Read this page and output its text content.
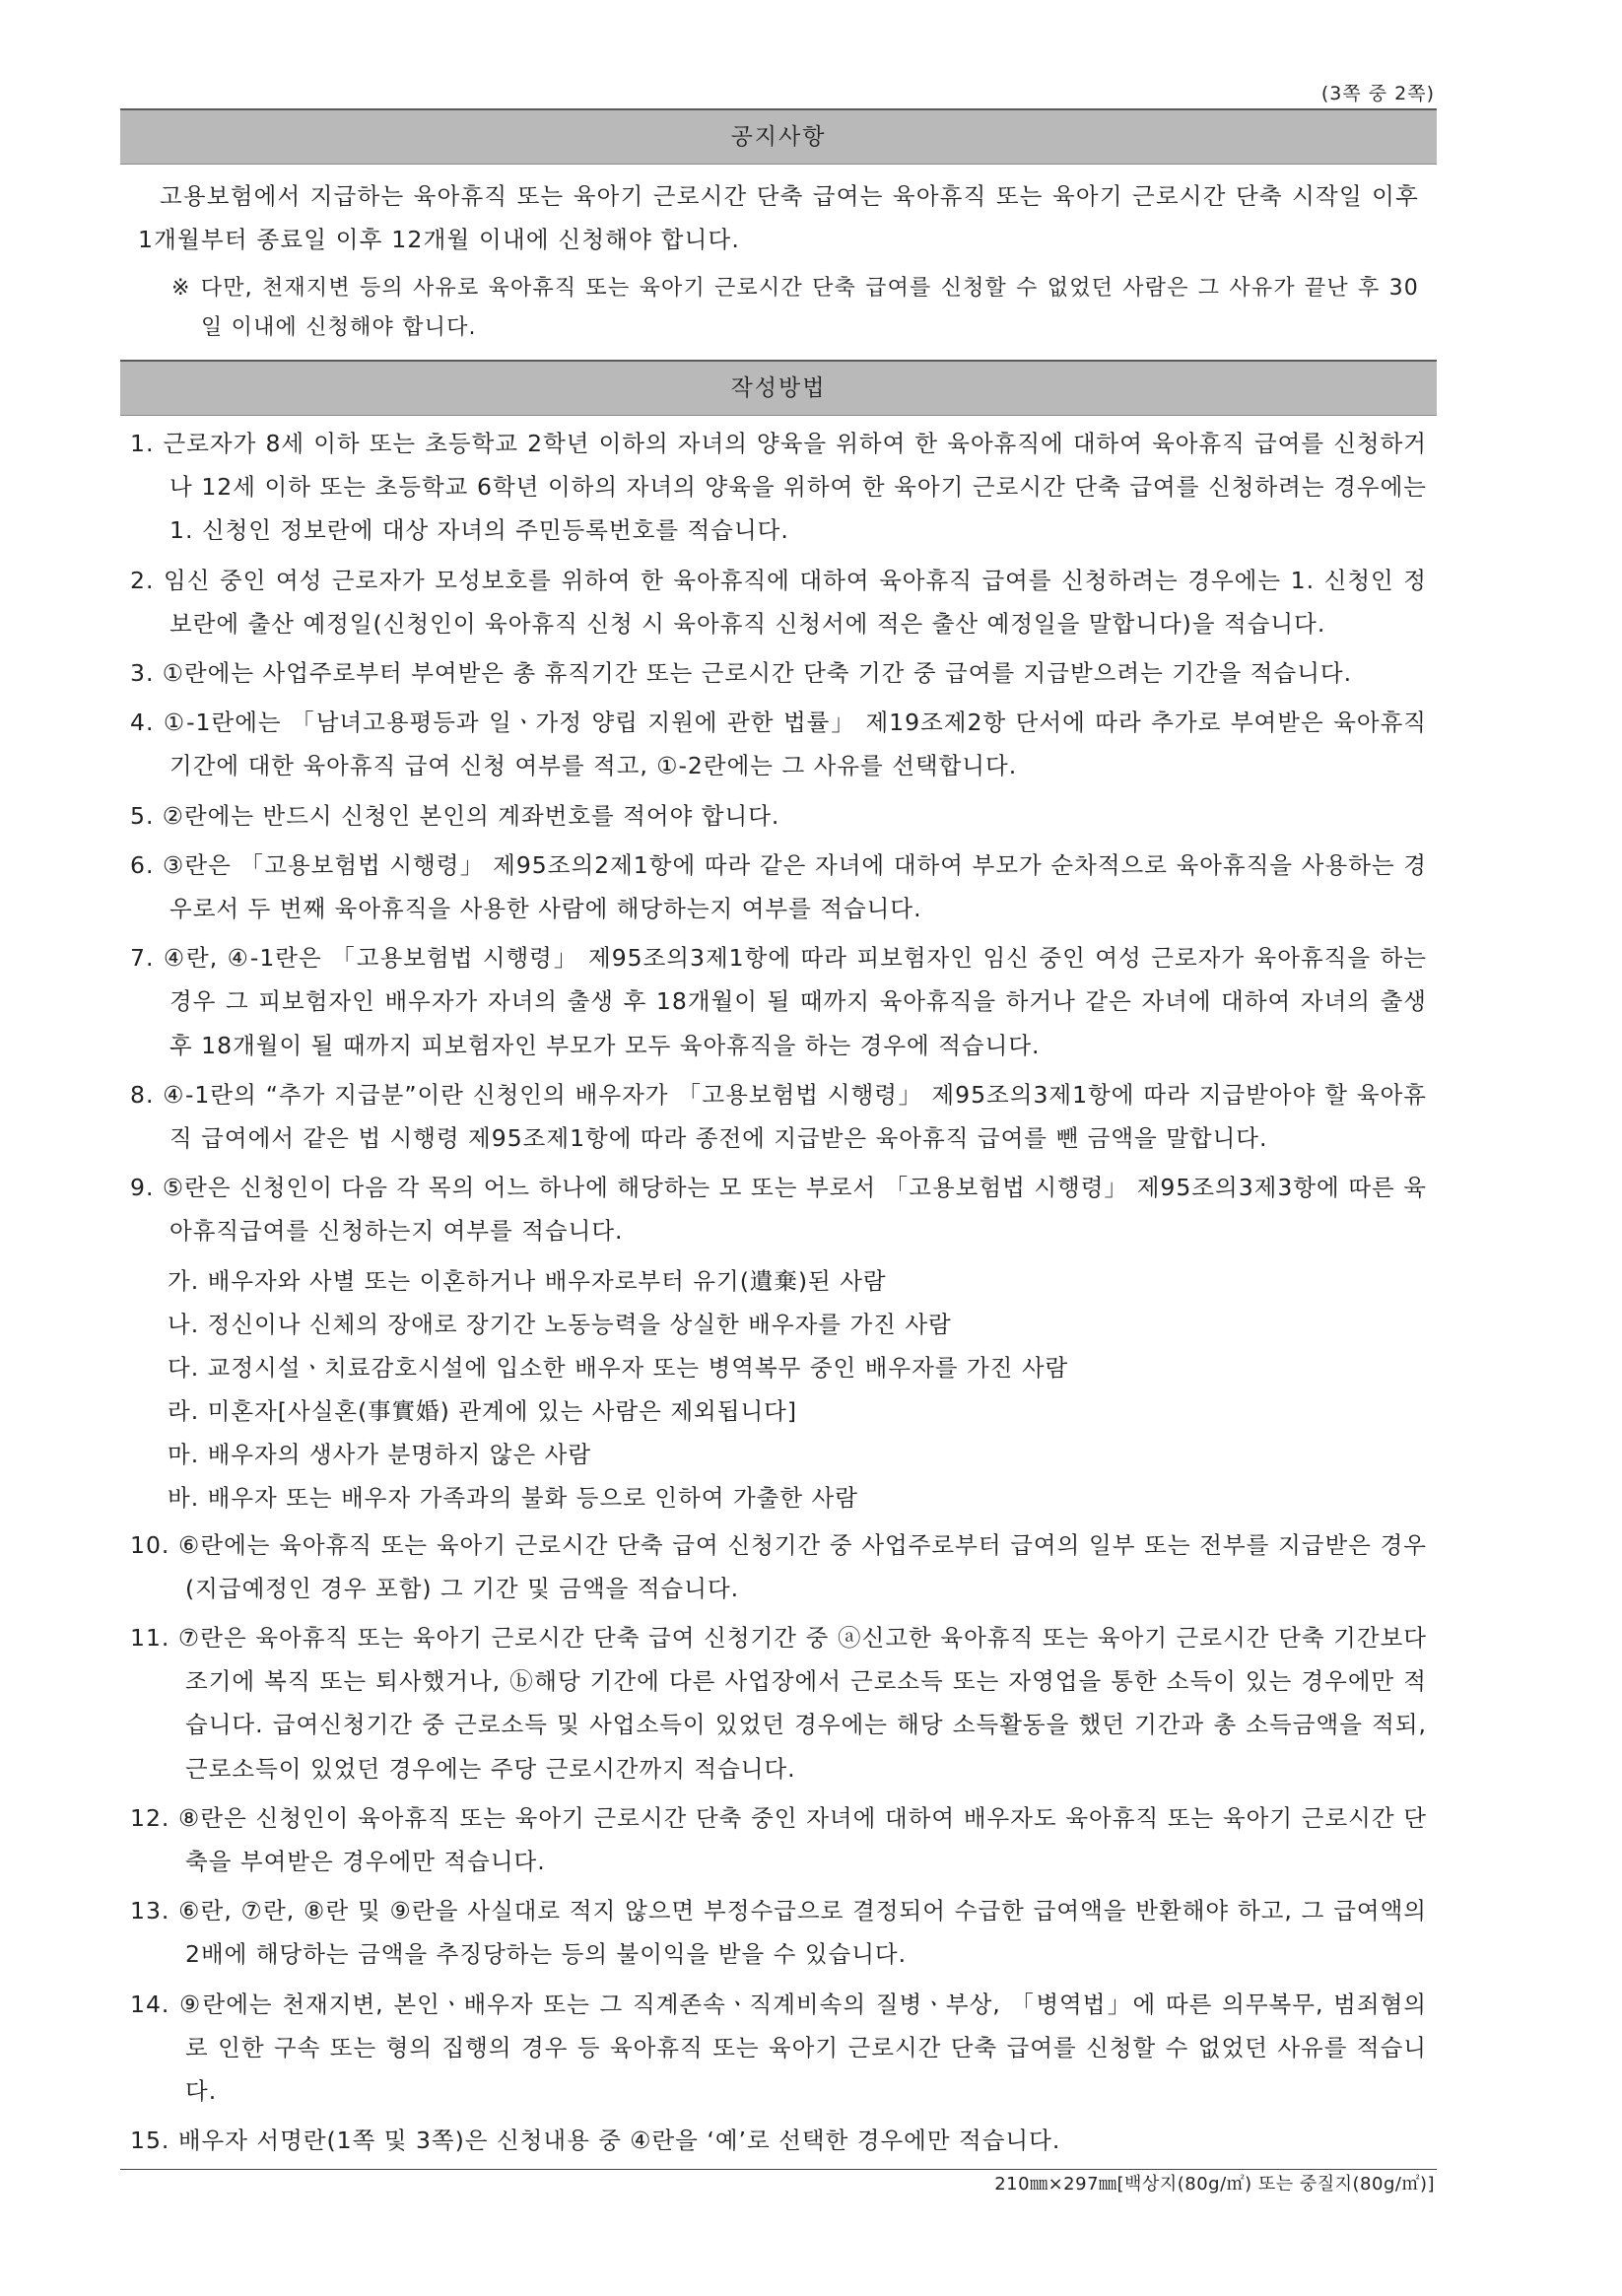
(3쪽 중 2쪽)
공지사항

고용보험에서 지급하는 육아휴직 또는 육아기 근로시간 단축 급여는 육아휴직 또는 육아기 근로시간 단축 시작일 이후 1개월부터 종료일 이후 12개월 이내에 신청해야 합니다.

※ 다만, 천재지변 등의 사유로 육아휴직 또는 육아기 근로시간 단축 급여를 신청할 수 없었던 사람은 그 사유가 끝난 후 30일 이내에 신청해야 합니다.

작성방법

1. 근로자가 8세 이하 또는 초등학교 2학년 이하의 자녀의 양육을 위하여 한 육아휴직에 대하여 육아휴직 급여를 신청하거나 12세 이하 또는 초등학교 6학년 이하의 자녀의 양육을 위하여 한 육아기 근로시간 단축 급여를 신청하려는 경우에는 1. 신청인 정보란에 대상 자녀의 주민등록번호를 적습니다.

2. 임신 중인 여성 근로자가 모성보호를 위하여 한 육아휴직에 대하여 육아휴직 급여를 신청하려는 경우에는 1. 신청인 정보란에 출산 예정일(신청인이 육아휴직 신청 시 육아휴직 신청서에 적은 출산 예정일을 말합니다)을 적습니다.

3. ①란에는 사업주로부터 부여받은 총 휴직기간 또는 근로시간 단축 기간 중 급여를 지급받으려는 기간을 적습니다.

4. ①-1란에는 「남녀고용평등과 일ㆍ가정 양립 지원에 관한 법률」 제19조제2항 단서에 따라 추가로 부여받은 육아휴직 기간에 대한 육아휴직 급여 신청 여부를 적고, ①-2란에는 그 사유를 선택합니다.

5. ②란에는 반드시 신청인 본인의 계좌번호를 적어야 합니다.

6. ③란은 「고용보험법 시행령」 제95조의2제1항에 따라 같은 자녀에 대하여 부모가 순차적으로 육아휴직을 사용하는 경우로서 두 번째 육아휴직을 사용한 사람에 해당하는지 여부를 적습니다.

7. ④란, ④-1란은 「고용보험법 시행령」 제95조의3제1항에 따라 피보험자인 임신 중인 여성 근로자가 육아휴직을 하는 경우 그 피보험자인 배우자가 자녀의 출생 후 18개월이 될 때까지 육아휴직을 하거나 같은 자녀에 대하여 자녀의 출생 후 18개월이 될 때까지 피보험자인 부모가 모두 육아휴직을 하는 경우에 적습니다.

8. ④-1란의 “추가 지급분”이란 신청인의 배우자가 「고용보험법 시행령」 제95조의3제1항에 따라 지급받아야 할 육아휴직 급여에서 같은 법 시행령 제95조제1항에 따라 종전에 지급받은 육아휴직 급여를 뺀 금액을 말합니다.

9. ⑤란은 신청인이 다음 각 목의 어느 하나에 해당하는 모 또는 부로서 「고용보험법 시행령」 제95조의3제3항에 따른 육아휴직급여를 신청하는지 여부를 적습니다.

가. 배우자와 사별 또는 이혼하거나 배우자로부터 유기(遺棄)된 사람

나. 정신이나 신체의 장애로 장기간 노동능력을 상실한 배우자를 가진 사람

다. 교정시설ㆍ치료감호시설에 입소한 배우자 또는 병역복무 중인 배우자를 가진 사람

라. 미혼자[사실혼(事實婚) 관계에 있는 사람은 제외됩니다]

마. 배우자의 생사가 분명하지 않은 사람

바. 배우자 또는 배우자 가족과의 불화 등으로 인하여 가출한 사람

10. ⑥란에는 육아휴직 또는 육아기 근로시간 단축 급여 신청기간 중 사업주로부터 급여의 일부 또는 전부를 지급받은 경우(지급예정인 경우 포함) 그 기간 및 금액을 적습니다.

11. ⑦란은 육아휴직 또는 육아기 근로시간 단축 급여 신청기간 중 ⓐ신고한 육아휴직 또는 육아기 근로시간 단축 기간보다 조기에 복직 또는 퇴사했거나, ⓑ해당 기간에 다른 사업장에서 근로소득 또는 자영업을 통한 소득이 있는 경우에만 적습니다. 급여신청기간 중 근로소득 및 사업소득이 있었던 경우에는 해당 소득활동을 했던 기간과 총 소득금액을 적되, 근로소득이 있었던 경우에는 주당 근로시간까지 적습니다.

12. ⑧란은 신청인이 육아휴직 또는 육아기 근로시간 단축 중인 자녀에 대하여 배우자도 육아휴직 또는 육아기 근로시간 단축을 부여받은 경우에만 적습니다.

13. ⑥란, ⑦란, ⑧란 및 ⑨란을 사실대로 적지 않으면 부정수급으로 결정되어 수급한 급여액을 반환해야 하고, 그 급여액의 2배에 해당하는 금액을 추징당하는 등의 불이익을 받을 수 있습니다.

14. ⑨란에는 천재지변, 본인ㆍ배우자 또는 그 직계존속ㆍ직계비속의 질병ㆍ부상, 「병역법」에 따른 의무복무, 범죄혐의로 인한 구속 또는 형의 집행의 경우 등 육아휴직 또는 육아기 근로시간 단축 급여를 신청할 수 없었던 사유를 적습니다.

15. 배우자 서명란(1쪽 및 3쪽)은 신청내용 중 ④란을 ‘예’로 선택한 경우에만 적습니다.

210㎜×297㎜[백상지(80g/㎡) 또는 중질지(80g/㎡)]
